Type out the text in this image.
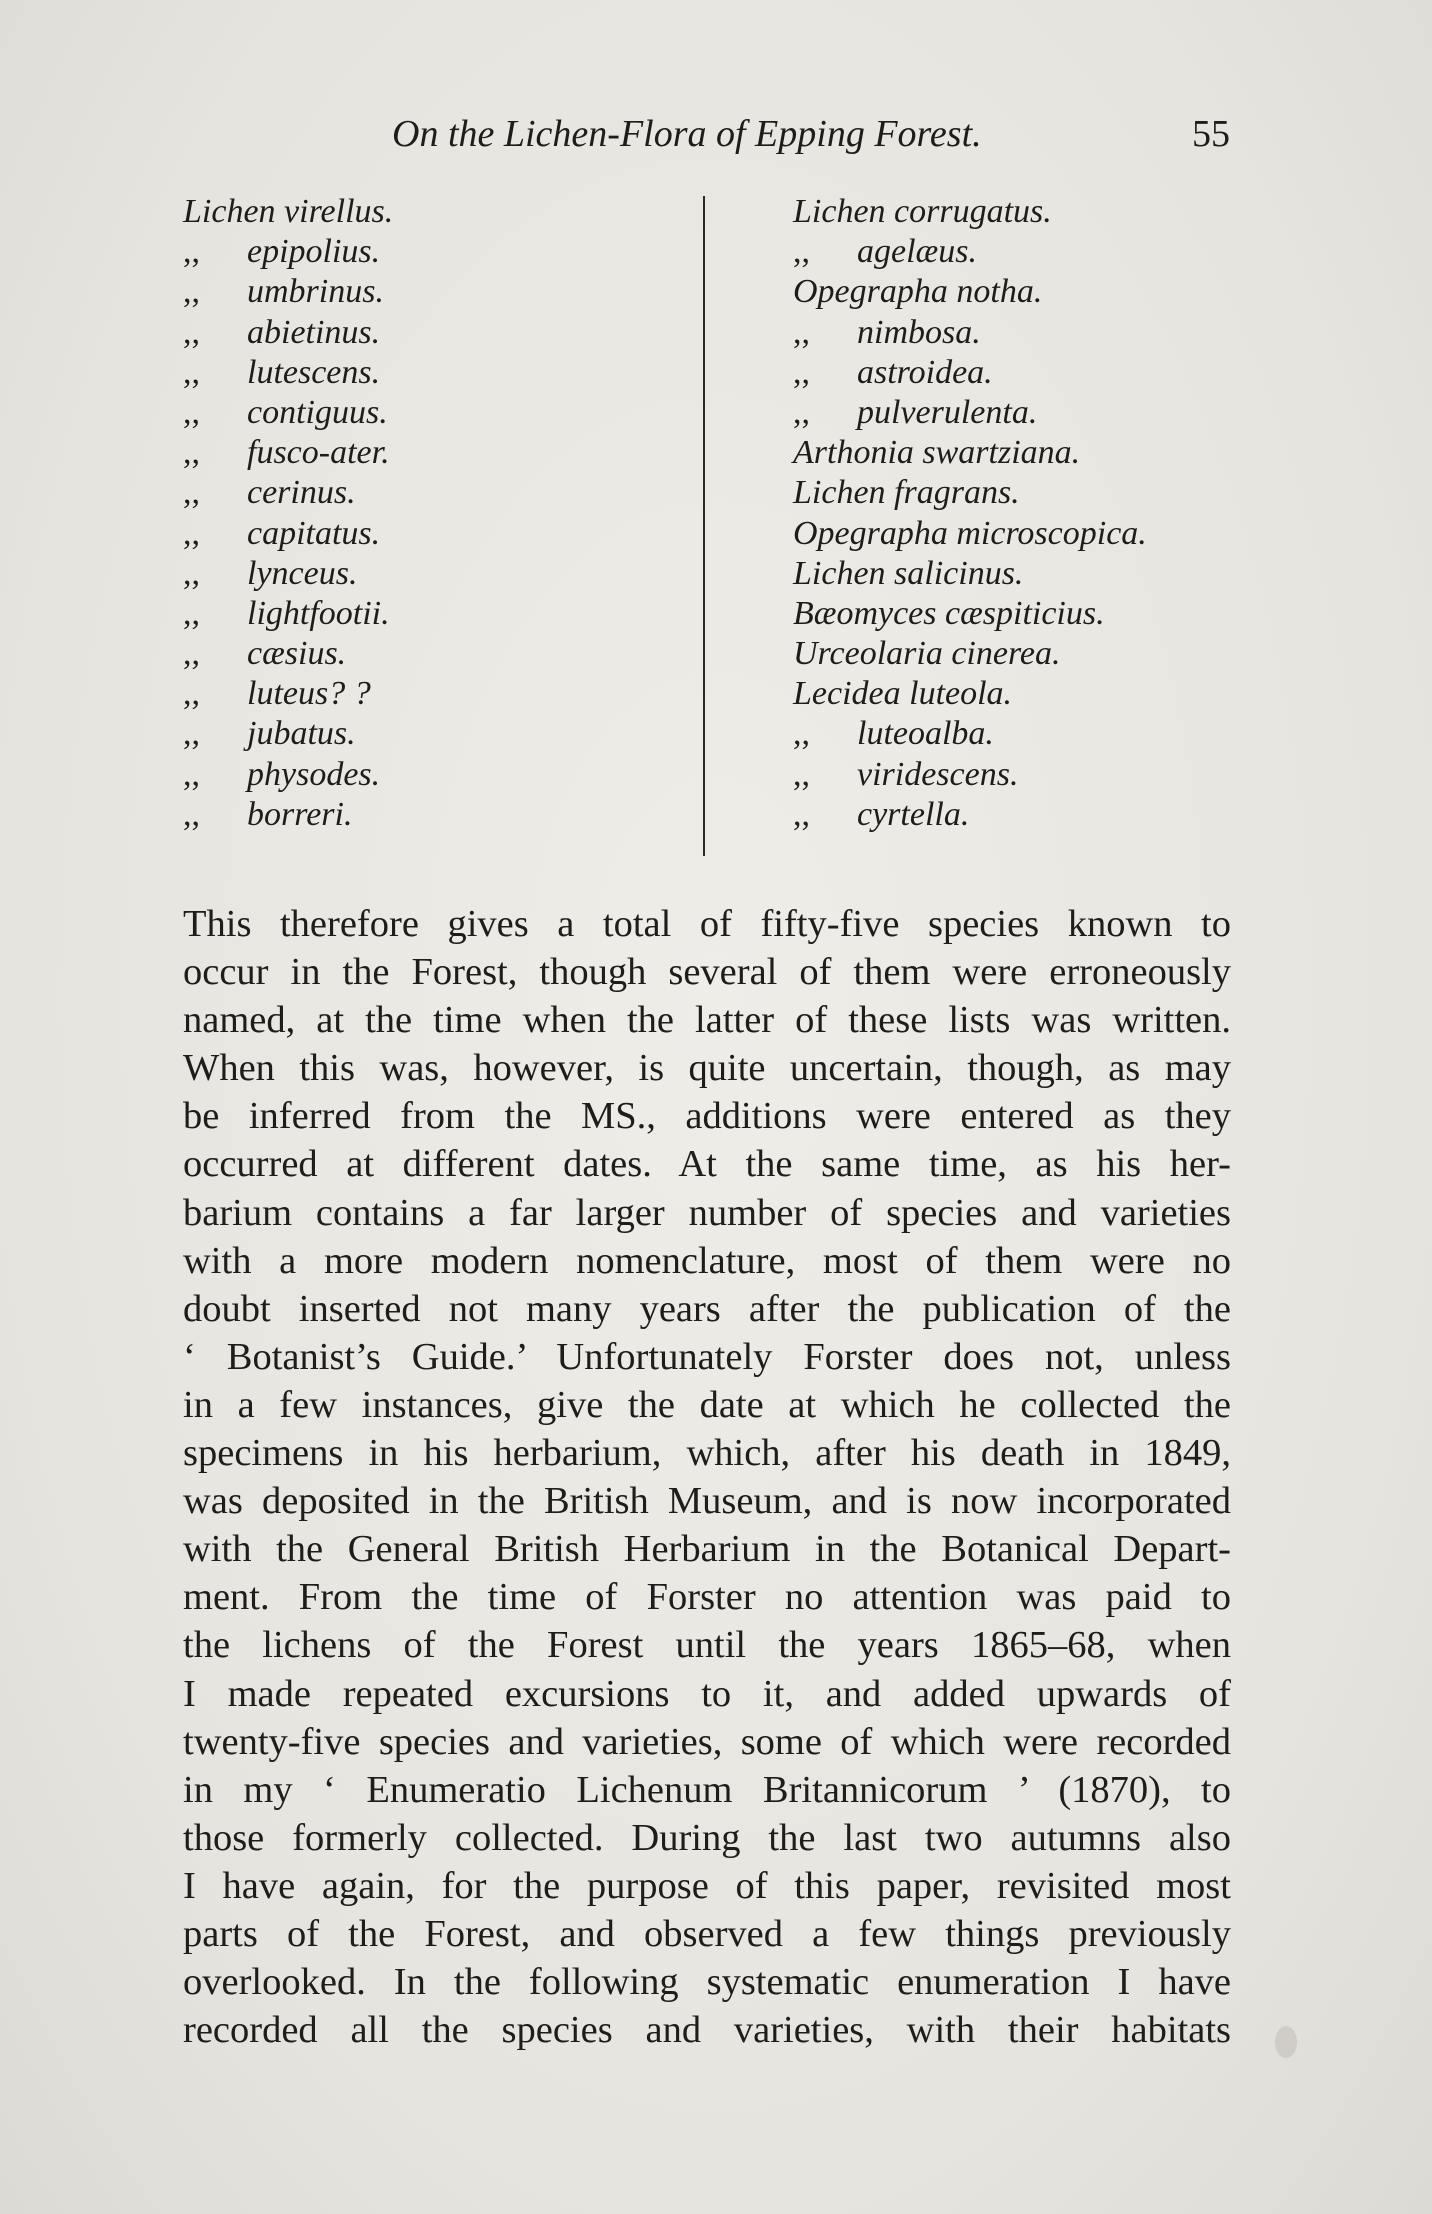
On the Lichen-Flora of Epping Forest.	55
Lichen virellus.
,, epipolius.
,, umbrinus.
,, abietinus.
,, lutescens.
,, contiguus.
,, fusco-ater.
,, cerinus.
,, capitatus.
,, lynceus.
,, lightfootii.
,, cæsius.
,, luteus? ?
,, jubatus.
,, physodes.
,, borreri.
Lichen corrugatus.
,, agelæus.
Opegrapha notha.
,, nimbosa.
,, astroidea.
,, pulverulenta.
Arthonia swartziana.
Lichen fragrans.
Opegrapha microscopica.
Lichen salicinus.
Bæomyces cæspiticius.
Urceolaria cinerea.
Lecidea luteola.
,, luteoalba.
,, viridescens.
,, cyrtella.
This therefore gives a total of fifty-five species known to
occur in the Forest, though several of them were erroneously
named, at the time when the latter of these lists was written.
When this was, however, is quite uncertain, though, as may
be inferred from the MS., additions were entered as they
occurred at different dates. At the same time, as his her-
barium contains a far larger number of species and varieties
with a more modern nomenclature, most of them were no
doubt inserted not many years after the publication of the
‘ Botanist’s Guide.’ Unfortunately Forster does not, unless
in a few instances, give the date at which he collected the
specimens in his herbarium, which, after his death in 1849,
was deposited in the British Museum, and is now incorporated
with the General British Herbarium in the Botanical Depart-
ment. From the time of Forster no attention was paid to
the lichens of the Forest until the years 1865–68, when
I made repeated excursions to it, and added upwards of
twenty-five species and varieties, some of which were recorded
in my ‘ Enumeratio Lichenum Britannicorum ’ (1870), to
those formerly collected. During the last two autumns also
I have again, for the purpose of this paper, revisited most
parts of the Forest, and observed a few things previously
overlooked. In the following systematic enumeration I have
recorded all the species and varieties, with their habitats
